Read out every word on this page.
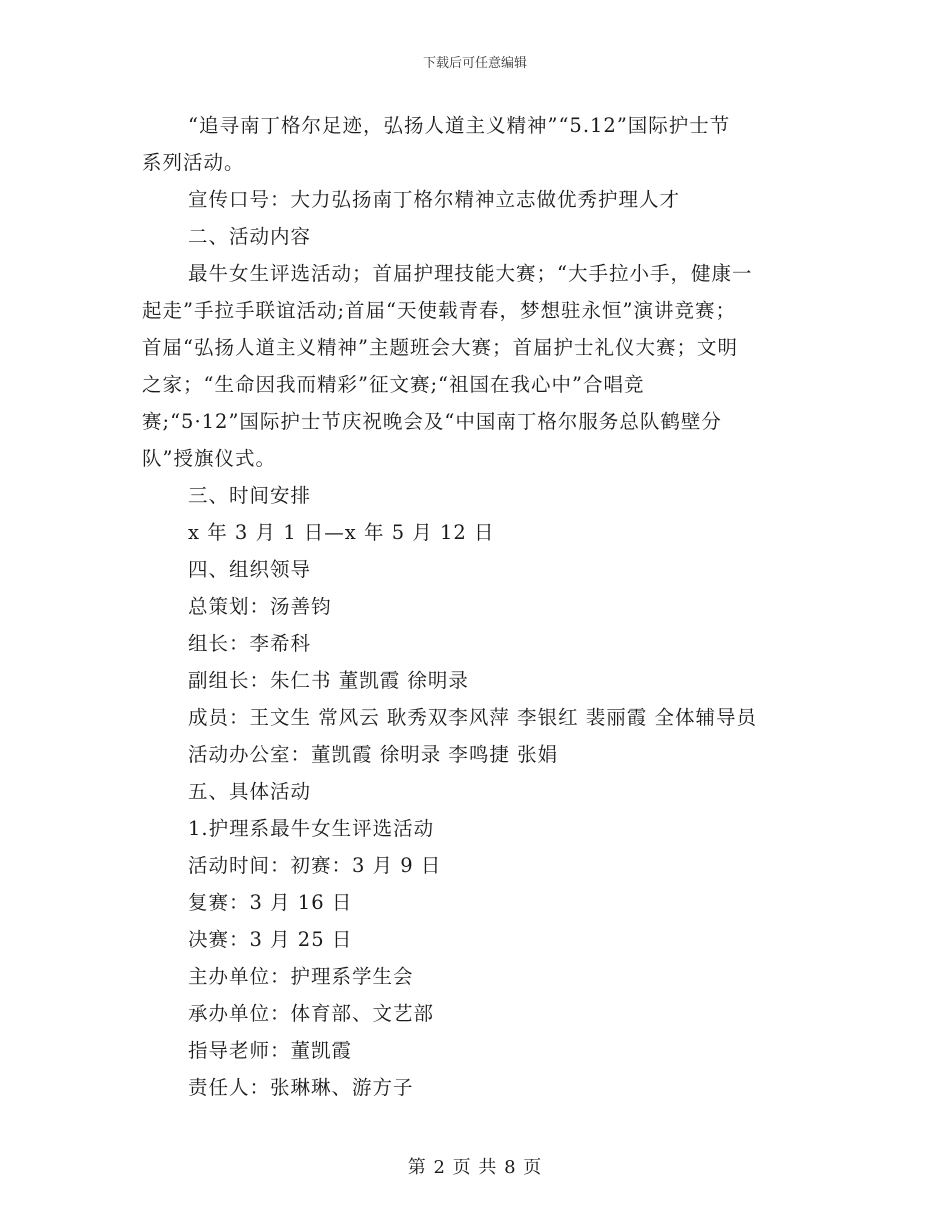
下载后可任意编辑
“追寻南丁格尔足迹，弘扬人道主义精神”“5.12”国际护士节
系列活动。
宣传口号：大力弘扬南丁格尔精神立志做优秀护理人才
二、活动内容
最牛女生评选活动；首届护理技能大赛；“大手拉小手，健康一
起走”手拉手联谊活动;首届“天使载青春，梦想驻永恒”演讲竞赛；
首届“弘扬人道主义精神”主题班会大赛；首届护士礼仪大赛；文明
之家；“生命因我而精彩”征文赛;“祖国在我心中”合唱竞
赛;“5·12”国际护士节庆祝晚会及“中国南丁格尔服务总队鹤壁分
队”授旗仪式。
三、时间安排
x 年 3 月 1 日—x 年 5 月 12 日
四、组织领导
总策划：汤善钧
组长：李希科
副组长：朱仁书 董凯霞 徐明录
成员：王文生 常风云 耿秀双李风萍 李银红 裴丽霞 全体辅导员
活动办公室：董凯霞 徐明录 李鸣捷 张娟
五、具体活动
1.护理系最牛女生评选活动
活动时间：初赛：3 月 9 日
复赛：3 月 16 日
决赛：3 月 25 日
主办单位：护理系学生会
承办单位：体育部、文艺部
指导老师：董凯霞
责任人：张琳琳、游方子
第 2 页 共 8 页
